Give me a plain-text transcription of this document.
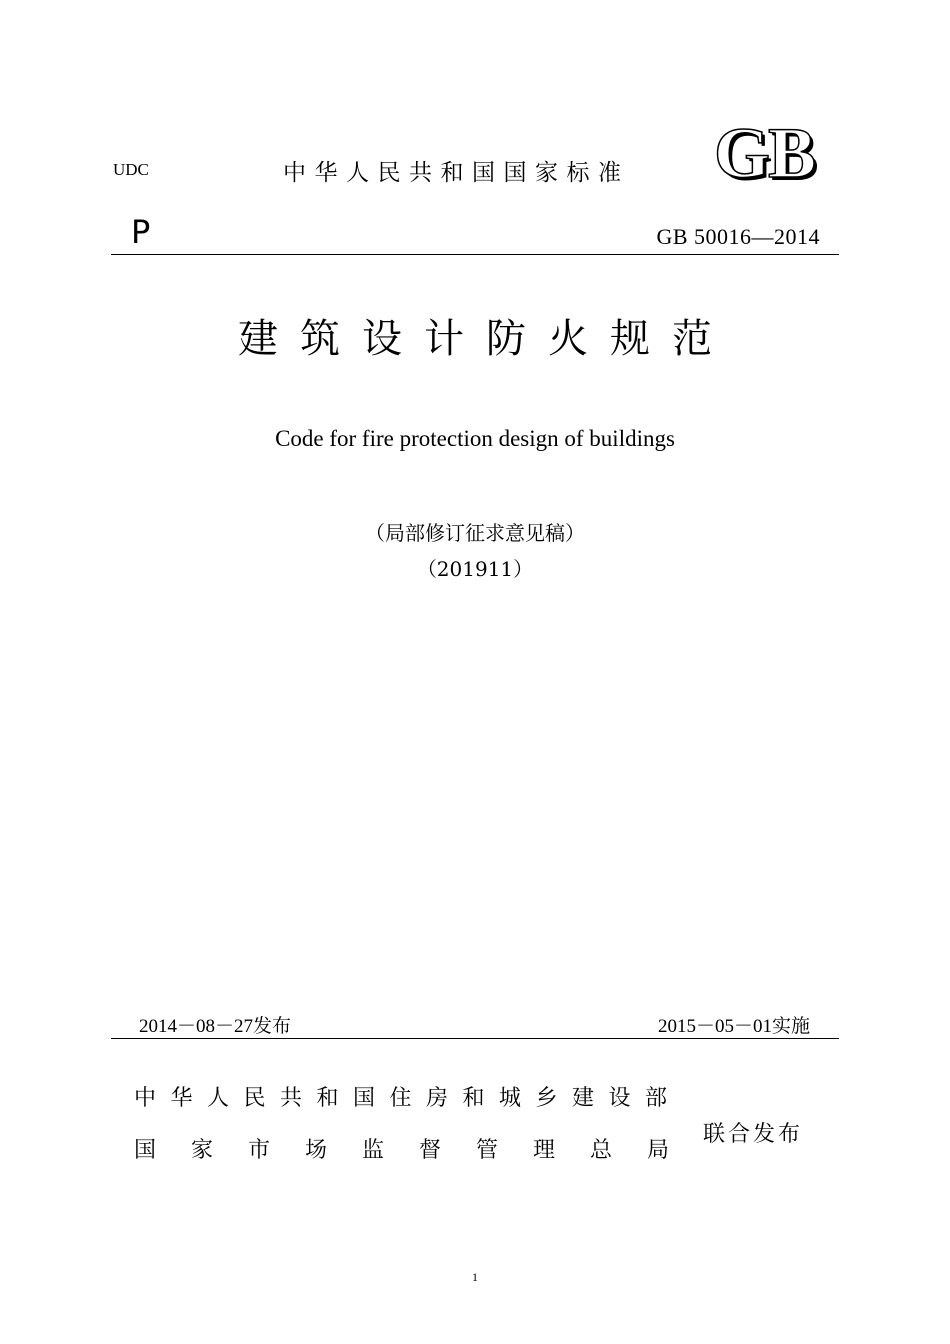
UDC	中华人民共和国国家标准 GB
P	GB 50016—2014
建筑设计防火规范
Code for fire protection design of buildings
（局部修订征求意见稿）
（201911）
2014－08－27发布	2015－05－01实施
中华人民共和国住房和城乡建设部
国家市场监督管理总局
联合发布
1
